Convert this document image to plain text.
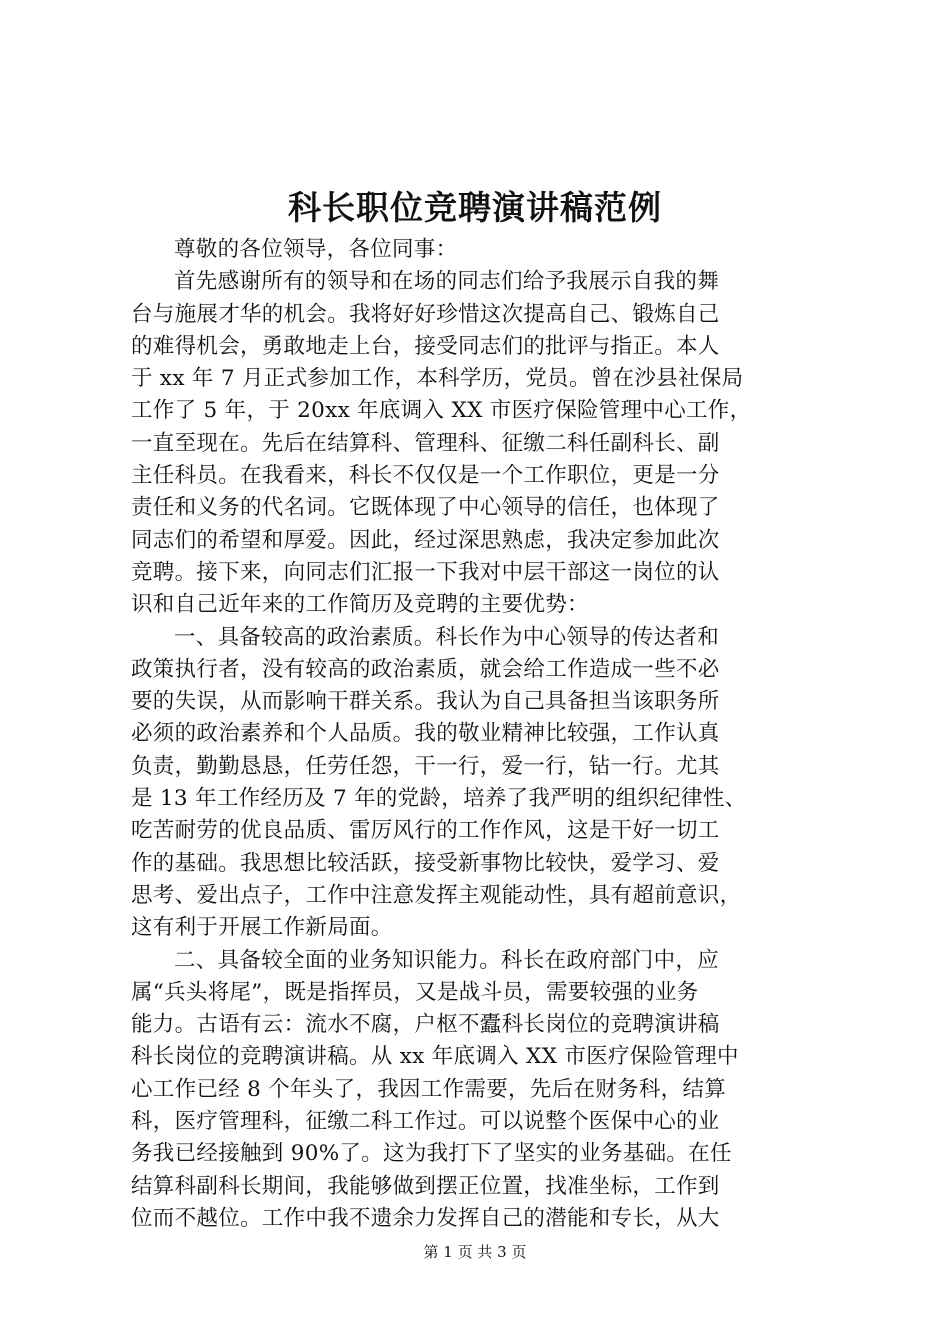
科长职位竞聘演讲稿范例
尊敬的各位领导，各位同事：
首先感谢所有的领导和在场的同志们给予我展示自我的舞
台与施展才华的机会。我将好好珍惜这次提高自己、锻炼自己
的难得机会，勇敢地走上台，接受同志们的批评与指正。本人
于 xx 年 7 月正式参加工作，本科学历，党员。曾在沙县社保局
工作了 5 年，于 20xx 年底调入 XX 市医疗保险管理中心工作，
一直至现在。先后在结算科、管理科、征缴二科任副科长、副
主任科员。在我看来，科长不仅仅是一个工作职位，更是一分
责任和义务的代名词。它既体现了中心领导的信任，也体现了
同志们的希望和厚爱。因此，经过深思熟虑，我决定参加此次
竞聘。接下来，向同志们汇报一下我对中层干部这一岗位的认
识和自己近年来的工作简历及竞聘的主要优势：
一、具备较高的政治素质。科长作为中心领导的传达者和
政策执行者，没有较高的政治素质，就会给工作造成一些不必
要的失误，从而影响干群关系。我认为自己具备担当该职务所
必须的政治素养和个人品质。我的敬业精神比较强，工作认真
负责，勤勤恳恳，任劳任怨，干一行，爱一行，钻一行。尤其
是 13 年工作经历及 7 年的党龄，培养了我严明的组织纪律性、
吃苦耐劳的优良品质、雷厉风行的工作作风，这是干好一切工
作的基础。我思想比较活跃，接受新事物比较快，爱学习、爱
思考、爱出点子，工作中注意发挥主观能动性，具有超前意识，
这有利于开展工作新局面。
二、具备较全面的业务知识能力。科长在政府部门中，应
属“兵头将尾”，既是指挥员，又是战斗员，需要较强的业务
能力。古语有云：流水不腐，户枢不蠹科长岗位的竞聘演讲稿
科长岗位的竞聘演讲稿。从 xx 年底调入 XX 市医疗保险管理中
心工作已经 8 个年头了，我因工作需要，先后在财务科，结算
科，医疗管理科，征缴二科工作过。可以说整个医保中心的业
务我已经接触到 90%了。这为我打下了坚实的业务基础。在任
结算科副科长期间，我能够做到摆正位置，找准坐标，工作到
位而不越位。工作中我不遗余力发挥自己的潜能和专长，从大
第 1 页 共 3 页
